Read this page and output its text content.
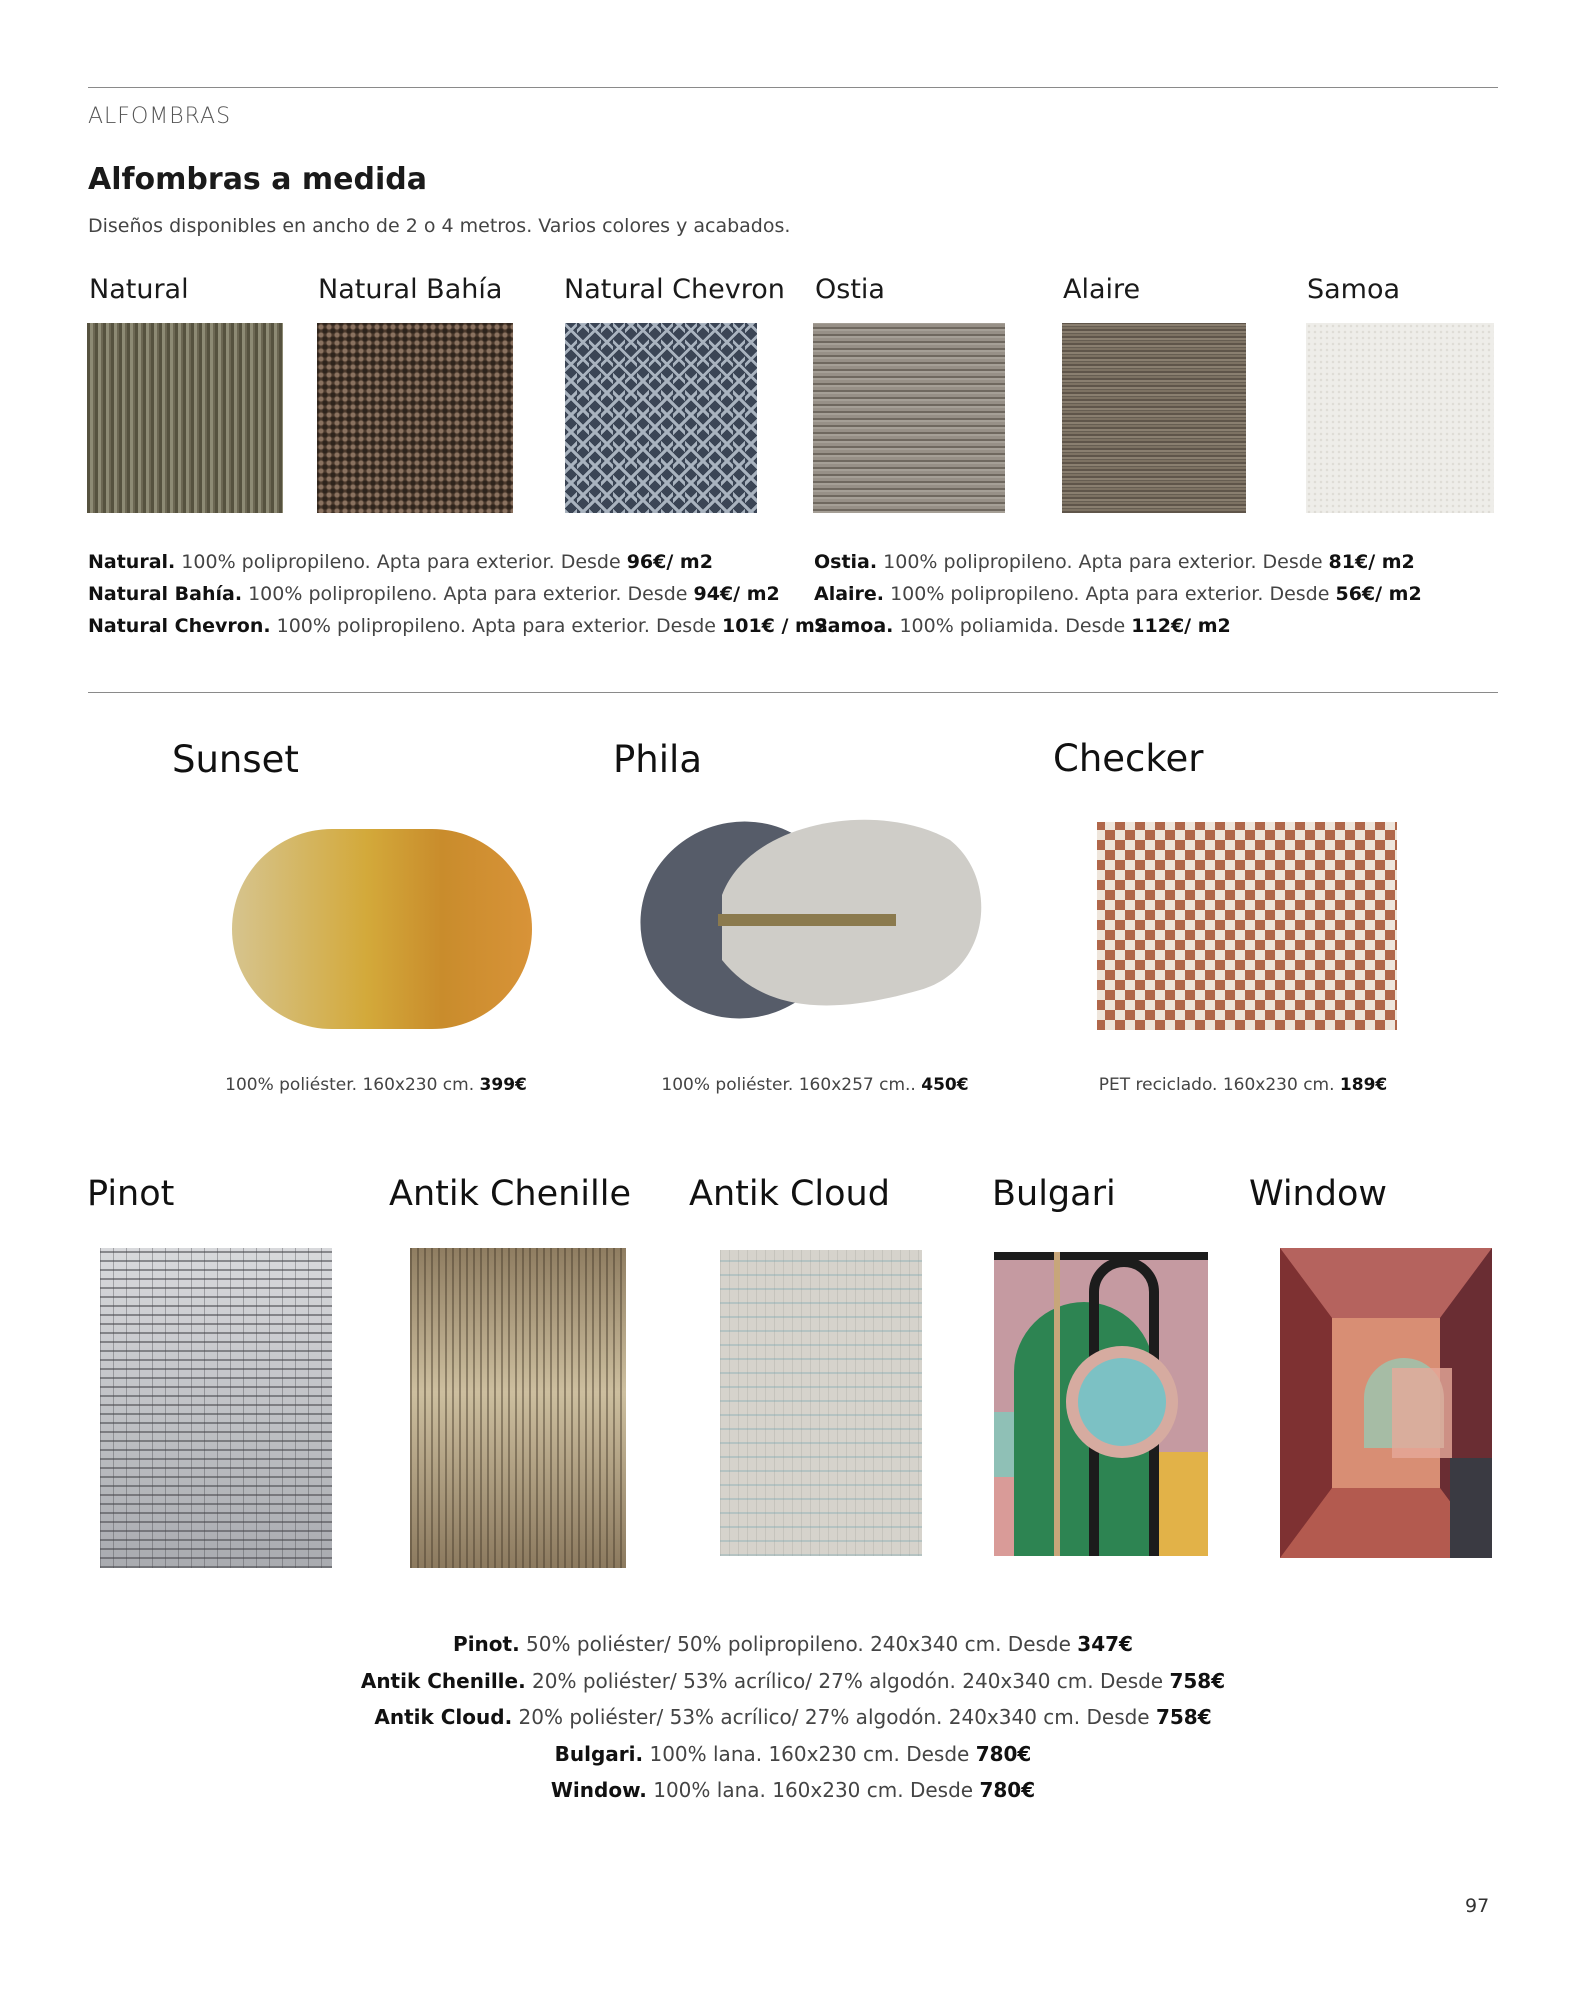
ALFOMBRAS
Alfombras a medida
Diseños disponibles en ancho de 2 o 4 metros. Varios colores y acabados.
Natural	Natural Bahía Natural Chevron Ostia	Alaire	Samoa
Natural. 100% polipropileno. Apta para exterior. Desde 96€/ m2
Natural Bahía. 100% polipropileno. Apta para exterior. Desde 94€/ m2
Natural Chevron. 100% polipropileno. Apta para exterior. Desde 101€ / m2
Ostia. 100% polipropileno. Apta para exterior. Desde 81€/ m2
Alaire. 100% polipropileno. Apta para exterior. Desde 56€/ m2
Samoa. 100% poliamida. Desde 112€/ m2
Sunset	Phila	Checker
100% poliéster. 160x230 cm. 399€	100% poliéster. 160x257 cm.. 450€	PET reciclado. 160x230 cm. 189€
Pinot	Antik Chenille Antik Cloud	Bulgari	Window
Pinot. 50% poliéster/ 50% polipropileno. 240x340 cm. Desde 347€
Antik Chenille. 20% poliéster/ 53% acrílico/ 27% algodón. 240x340 cm. Desde 758€
Antik Cloud. 20% poliéster/ 53% acrílico/ 27% algodón. 240x340 cm. Desde 758€
Bulgari. 100% lana. 160x230 cm. Desde 780€
Window. 100% lana. 160x230 cm. Desde 780€
97
